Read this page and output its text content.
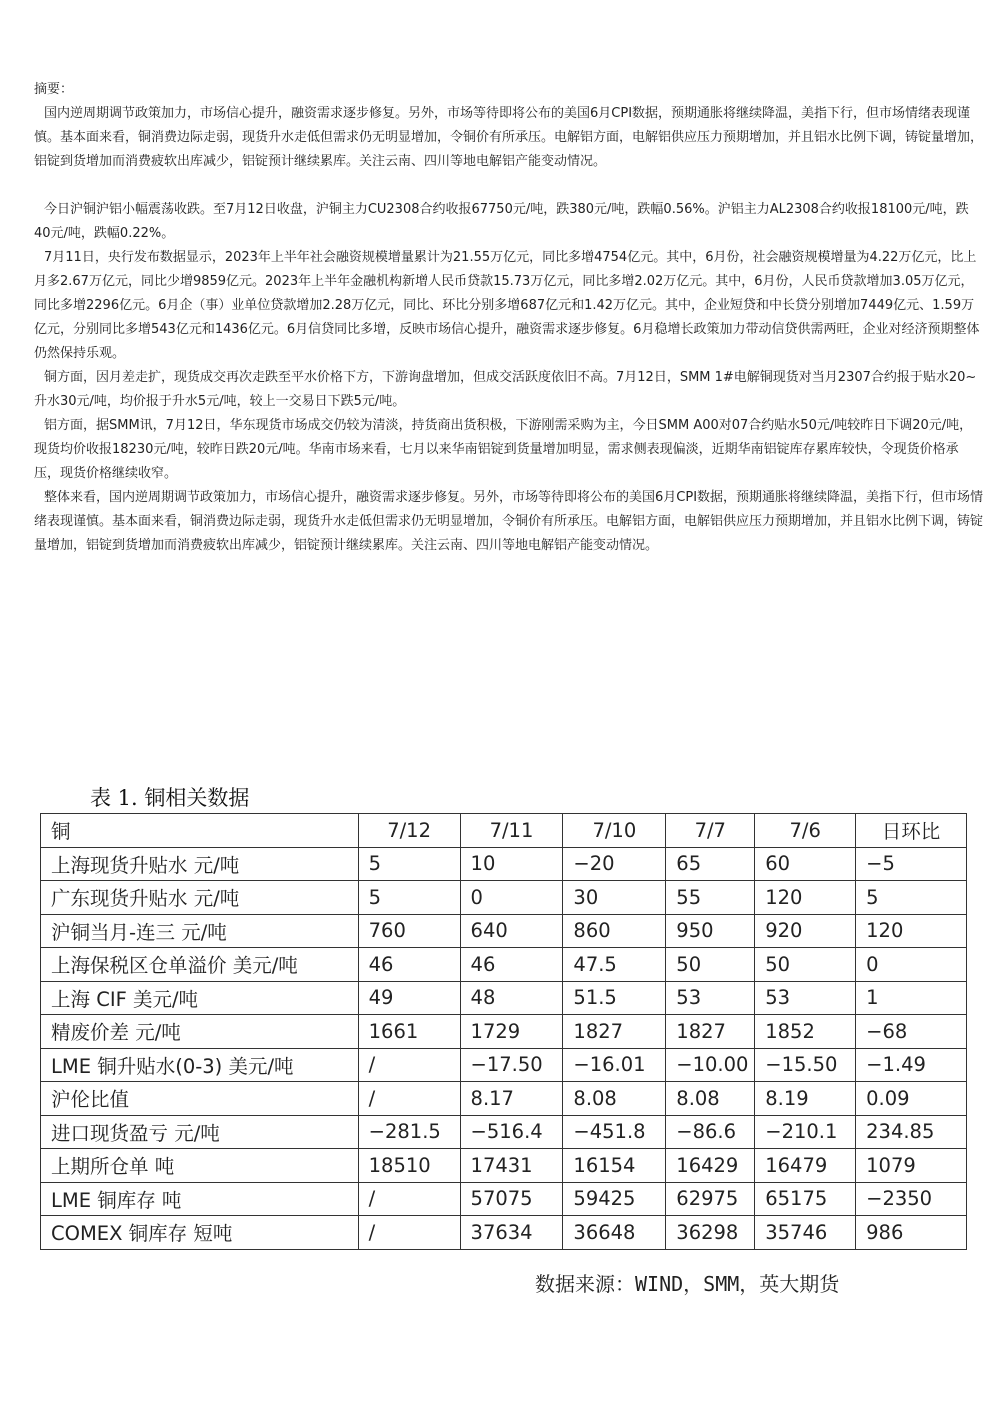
摘要：

国内逆周期调节政策加力，市场信心提升，融资需求逐步修复。另外，市场等待即将公布的美国6月CPI数据，预期通胀将继续降温，美指下行，但市场情绪表现谨慎。基本面来看，铜消费边际走弱，现货升水走低但需求仍无明显增加，令铜价有所承压。电解铝方面，电解铝供应压力预期增加，并且铝水比例下调，铸锭量增加，铝锭到货增加而消费疲软出库减少，铝锭预计继续累库。关注云南、四川等地电解铝产能变动情况。

今日沪铜沪铝小幅震荡收跌。至7月12日收盘，沪铜主力CU2308合约收报67750元/吨，跌380元/吨，跌幅0.56%。沪铝主力AL2308合约收报18100元/吨，跌40元/吨，跌幅0.22%。

7月11日，央行发布数据显示，2023年上半年社会融资规模增量累计为21.55万亿元，同比多增4754亿元。其中，6月份，社会融资规模增量为4.22万亿元，比上月多2.67万亿元，同比少增9859亿元。2023年上半年金融机构新增人民币贷款15.73万亿元，同比多增2.02万亿元。其中，6月份，人民币贷款增加3.05万亿元，同比多增2296亿元。6月企（事）业单位贷款增加2.28万亿元，同比、环比分别多增687亿元和1.42万亿元。其中，企业短贷和中长贷分别增加7449亿元、1.59万亿元，分别同比多增543亿元和1436亿元。6月信贷同比多增，反映市场信心提升，融资需求逐步修复。6月稳增长政策加力带动信贷供需两旺，企业对经济预期整体仍然保持乐观。

铜方面，因月差走扩，现货成交再次走跌至平水价格下方，下游询盘增加，但成交活跃度依旧不高。7月12日，SMM 1#电解铜现货对当月2307合约报于贴水20~升水30元/吨，均价报于升水5元/吨，较上一交易日下跌5元/吨。

铝方面，据SMM讯，7月12日，华东现货市场成交仍较为清淡，持货商出货积极，下游刚需采购为主，今日SMM A00对07合约贴水50元/吨较昨日下调20元/吨，现货均价收报18230元/吨，较昨日跌20元/吨。华南市场来看，七月以来华南铝锭到货量增加明显，需求侧表现偏淡，近期华南铝锭库存累库较快，令现货价格承压，现货价格继续收窄。

整体来看，国内逆周期调节政策加力，市场信心提升，融资需求逐步修复。另外，市场等待即将公布的美国6月CPI数据，预期通胀将继续降温，美指下行，但市场情绪表现谨慎。基本面来看，铜消费边际走弱，现货升水走低但需求仍无明显增加，令铜价有所承压。电解铝方面，电解铝供应压力预期增加，并且铝水比例下调，铸锭量增加，铝锭到货增加而消费疲软出库减少，铝锭预计继续累库。关注云南、四川等地电解铝产能变动情况。

表 1. 铜相关数据
铜	7/12	7/11	7/10	7/7	7/6	日环比
上海现货升贴水 元/吨	5	10	−20	65	60	−5
广东现货升贴水 元/吨	5	0	30	55	120	5
沪铜当月-连三 元/吨	760	640	860	950	920	120
上海保税区仓单溢价 美元/吨	46	46	47.5	50	50	0
上海 CIF 美元/吨	49	48	51.5	53	53	1
精废价差 元/吨	1661	1729	1827	1827	1852	−68
LME 铜升贴水(0-3) 美元/吨	/	−17.50	−16.01	−10.00	−15.50	−1.49
沪伦比值	/	8.17	8.08	8.08	8.19	0.09
进口现货盈亏 元/吨	−281.5	−516.4	−451.8	−86.6	−210.1	234.85
上期所仓单 吨	18510	17431	16154	16429	16479	1079
LME 铜库存 吨	/	57075	59425	62975	65175	−2350
COMEX 铜库存 短吨	/	37634	36648	36298	35746	986
数据来源：WIND，SMM，英大期货
